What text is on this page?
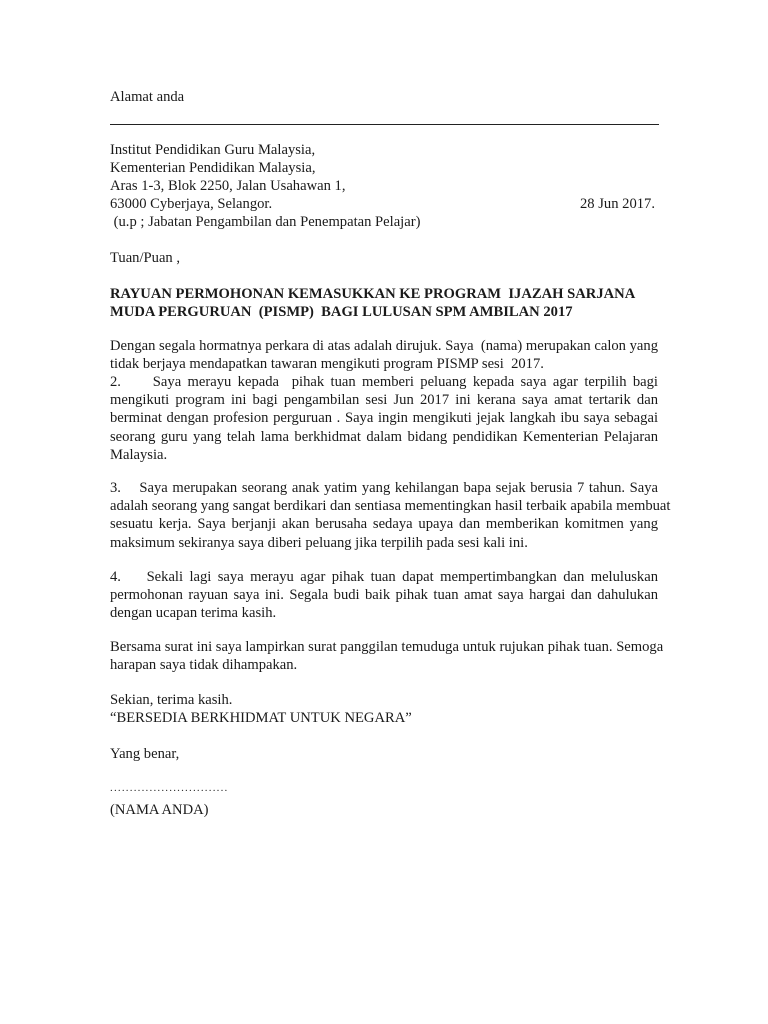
Alamat anda
Institut Pendidikan Guru Malaysia,
Kementerian Pendidikan Malaysia,
Aras 1-3, Blok 2250, Jalan Usahawan 1,
63000 Cyberjaya, Selangor.
(u.p ; Jabatan Pengambilan dan Penempatan Pelajar)
28 Jun 2017.
Tuan/Puan ,
RAYUAN PERMOHONAN KEMASUKKAN KE PROGRAM  IJAZAH SARJANA
MUDA PERGURUAN  (PISMP)  BAGI LULUSAN SPM AMBILAN 2017
Dengan segala hormatnya perkara di atas adalah dirujuk. Saya  (nama) merupakan calon yang
tidak berjaya mendapatkan tawaran mengikuti program PISMP sesi  2017.
2.     Saya merayu kepada  pihak tuan memberi peluang kepada saya agar terpilih bagi
mengikuti program ini bagi pengambilan sesi Jun 2017 ini kerana saya amat tertarik dan
berminat dengan profesion perguruan . Saya ingin mengikuti jejak langkah ibu saya sebagai
seorang guru yang telah lama berkhidmat dalam bidang pendidikan Kementerian Pelajaran
Malaysia.
3.    Saya merupakan seorang anak yatim yang kehilangan bapa sejak berusia 7 tahun. Saya
adalah seorang yang sangat berdikari dan sentiasa mementingkan hasil terbaik apabila membuat
sesuatu kerja. Saya berjanji akan berusaha sedaya upaya dan memberikan komitmen yang
maksimum sekiranya saya diberi peluang jika terpilih pada sesi kali ini.
4.    Sekali lagi saya merayu agar pihak tuan dapat mempertimbangkan dan meluluskan
permohonan rayuan saya ini. Segala budi baik pihak tuan amat saya hargai dan dahulukan
dengan ucapan terima kasih.
Bersama surat ini saya lampirkan surat panggilan temuduga untuk rujukan pihak tuan. Semoga
harapan saya tidak dihampakan.
Sekian, terima kasih.
“BERSEDIA BERKHIDMAT UNTUK NEGARA”
Yang benar,
..............................
(NAMA ANDA)
